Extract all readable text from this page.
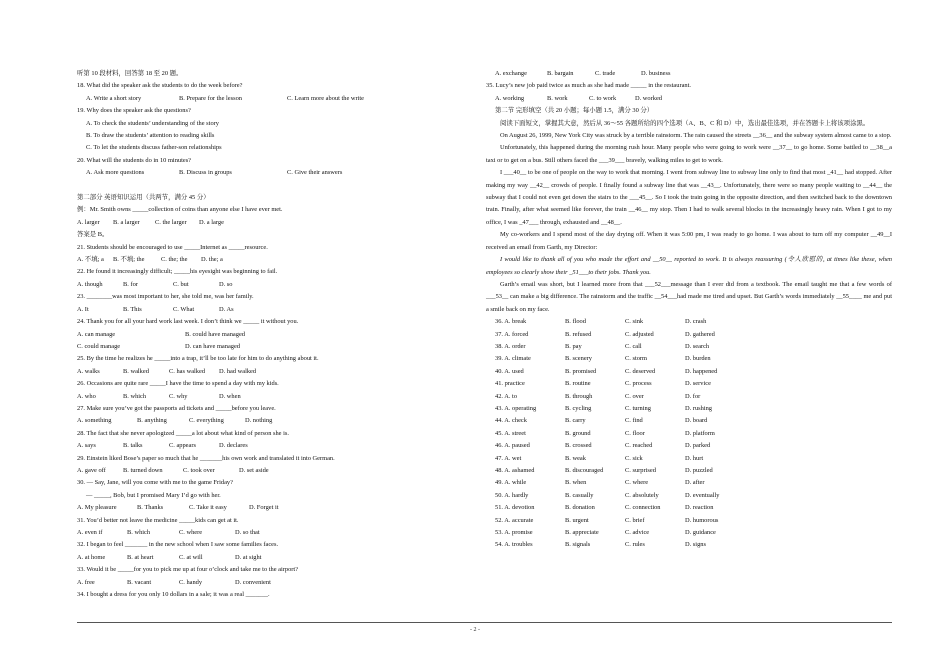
听第 10 段材料，回答第 18 至 20 题。
18. What did the speaker ask the students to do the week before?
A. Write a short story	B. Prepare for the lesson	C. Learn more about the write
19. Why does the speaker ask the questions?
A. To check the students’ understanding of the story
B. To draw the students’ attention to reading skills
C. To let the students discuss father-son relationships
20. What will the students do in 10 minutes?
A. Ask more questions	B. Discuss in groups	C. Give their answers
第二部分 英语知识运用（共两节，满分 45 分）
例：Mr. Smith owns _____collection of coins than anyone else I have ever met.
A. larger	B. a larger	C. the larger	D. a large
答案是 B。
21. Students should be encouraged to use _____Internet as _____resource.
A. 不填; a	B. 不填; the	C. the; the	D. the; a
22. He found it increasingly difficult; _____his eyesight was beginning to fail.
A. though	B. for	C. but	D. so
23. ________was most important to her, she told me, was her family.
A. It	B. This	C. What	D. As
24. Thank you for all your hard work last week. I don’t think we _____ it without you.
A. can manage	B. could have managed
C. could manage	D. can have managed
25. By the time he realizes he _____into a trap, it’ll be too late for him to do anything about it.
A. walks	B. walked	C. has walked	D. had walked
26. Occasions are quite rare _____I have the time to spend a day with my kids.
A. who	B. which	C. why	D. when
27. Make sure you’ve got the passports ad tickets and _____before you leave.
A. something	B. anything	C. everything	D. nothing
28. The fact that she never apologized _____a lot about what kind of person she is.
A. says	B. talks	C. appears	D. declares
29. Einstein liked Bose’s paper so much that he _______his own work and translated it into German.
A. gave off	B. turned down	C. took over	D. set aside
30. — Say, Jane, will you come with me to the game Friday?
— _____, Bob, but I promised Mary I’d go with her.
A. My pleasure	B. Thanks	C. Take it easy	D. Forget it
31. You’d better not leave the medicine _____kids can get at it.
A. even if	B. which	C. where	D. so that
32. I began to feel _______ in the new school when I saw some families faces.
A. at home	B. at heart	C. at will	D. at sight
33. Would it be _____for you to pick me up at four o’clock and take me to the airport?
A. free	B. vacant	C. handy	D. convenient
34. I bought a dress for you only 10 dollars in a sale; it was a real _______.
A. exchange	B. bargain	C. trade	D. business
35. Lucy’s new job paid twice as much as she had made _____ in the restaurant.
A. working	B. work	C. to work	D. worked
第二节 完形填空（共 20 小题；每小题 1.5，满分 30 分）

阅读下面短文，掌握其大意，然后从 36～55 各题所给的四个选项（A、B、C 和 D）中，选出最佳选项，并在答题卡上将该项涂黑。

On August 26, 1999, New York City was struck by a terrible rainstorm. The rain caused the streets __36__ and the subway system almost came to a stop.

Unfortunately, this happened during the morning rush hour. Many people who were going to work were __37__ to go home. Some battled to __38__a taxi or to get on a bus. Still others faced the ___39___ bravely, walking miles to get to work.

I ___40__ to be one of people on the way to work that morning. I went from subway line to subway line only to find that most _41__ had stopped. After making my way __42__ crowds of people. I finally found a subway line that was __43__. Unfortunately, there were so many people waiting to __44__ the subway that I could not even get down the stairs to the ___45__. So I took the train going in the opposite direction, and then switched back to the downtown train. Finally, after what seemed like forever, the train __46__ my stop. Then I had to walk several blocks in the increasingly heavy rain. When I got to my office, I was _47___ through, exhausted and __48__.

My co-workers and I spend most of the day drying off. When it was 5:00 pm, I was ready to go home. I was about to turn off my computer __49__I received an email from Garth, my Director:

I would like to thank all of you who made the effort and __50__ reported to work. It is always reassuring (令人欣慰的, at times like these, when employees so clearly show their _51___to their jobs. Thank you.

Garth’s email was short, but I learned more from that ___52___message than I ever did from a textbook. The email taught me that a few words of ___53__ can make a big difference. The rainstorm and the traffic __54___had made me tired and upset. But Garth’s words immediately __55____ me and put a smile back on my face.

36. A. break	B. flood	C. sink	D. crash
37. A. forced	B. refused	C. adjusted	D. gathered
38. A. order	B. pay	C. call	D. search
39. A. climate	B. scenery	C. storm	D. burden
40. A. used	B. promised	C. deserved	D. happened
41. practice	B. routine	C. process	D. service
42. A. to	B. through	C. over	D. for
43. A. operating	B. cycling	C. turning	D. rushing
44. A. check	B. carry	C. find	D. board
45. A. street	B. ground	C. floor	D. platform
46. A. paused	B. crossed	C. reached	D. parked
47. A. wet	B. weak	C. sick	D. hurt
48. A. ashamed	B. discouraged	C. surprised	D. puzzled
49. A. while	B. when	C. where	D. after
50. A. hardly	B. casually	C. absolutely	D. eventually
51. A. devotion	B. donation	C. connection	D. reaction
52. A. accurate	B. urgent	C. brief	D. humorous
53. A. promise	B. appreciate	C. advice	D. guidance
54. A. troubles	B. signals	C. rules	D. signs
- 2 -
